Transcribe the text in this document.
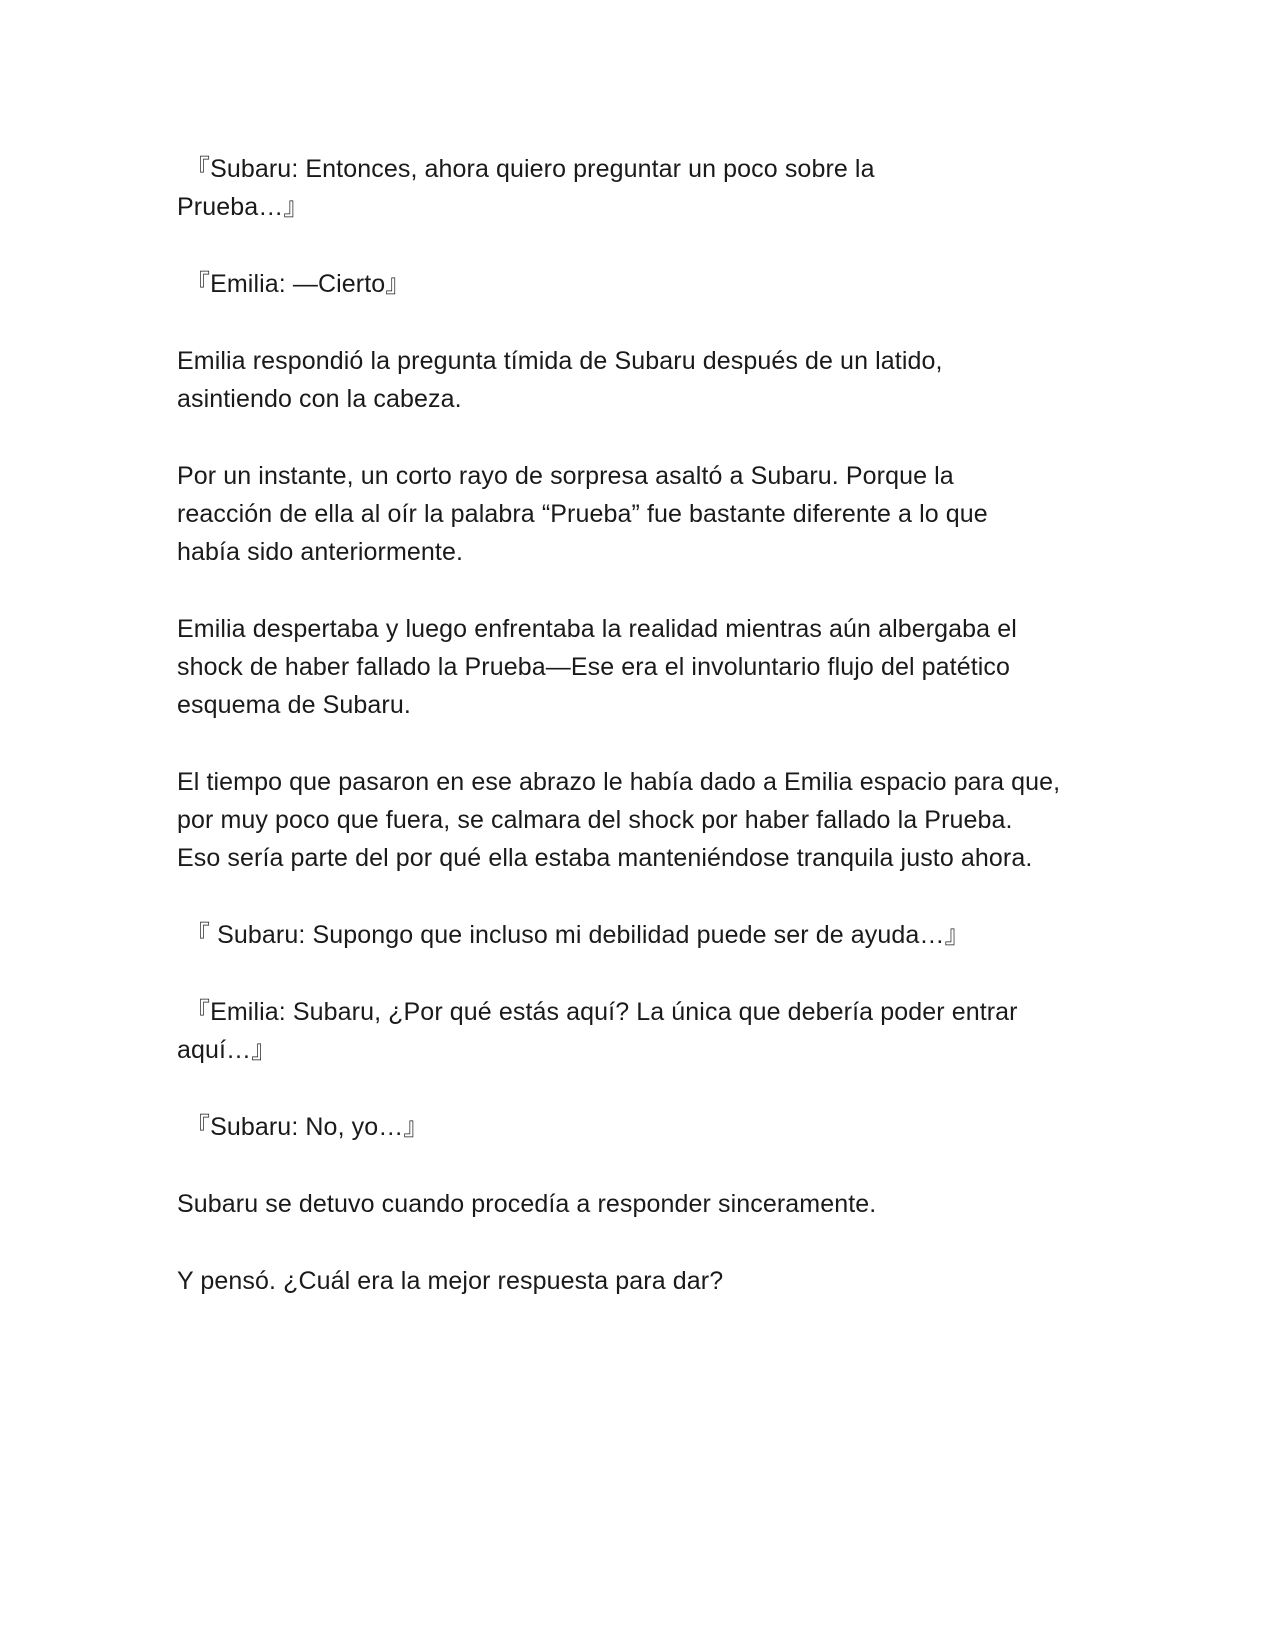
『Subaru: Entonces, ahora quiero preguntar un poco sobre la
Prueba…』

『Emilia: —Cierto』

Emilia respondió la pregunta tímida de Subaru después de un latido,
asintiendo con la cabeza.

Por un instante, un corto rayo de sorpresa asaltó a Subaru. Porque la
reacción de ella al oír la palabra “Prueba” fue bastante diferente a lo que
había sido anteriormente.

Emilia despertaba y luego enfrentaba la realidad mientras aún albergaba el
shock de haber fallado la Prueba—Ese era el involuntario flujo del patético
esquema de Subaru.

El tiempo que pasaron en ese abrazo le había dado a Emilia espacio para que,
por muy poco que fuera, se calmara del shock por haber fallado la Prueba.
Eso sería parte del por qué ella estaba manteniéndose tranquila justo ahora.

『 Subaru: Supongo que incluso mi debilidad puede ser de ayuda…』

『Emilia: Subaru, ¿Por qué estás aquí? La única que debería poder entrar
aquí…』

『Subaru: No, yo…』

Subaru se detuvo cuando procedía a responder sinceramente.

Y pensó. ¿Cuál era la mejor respuesta para dar?
